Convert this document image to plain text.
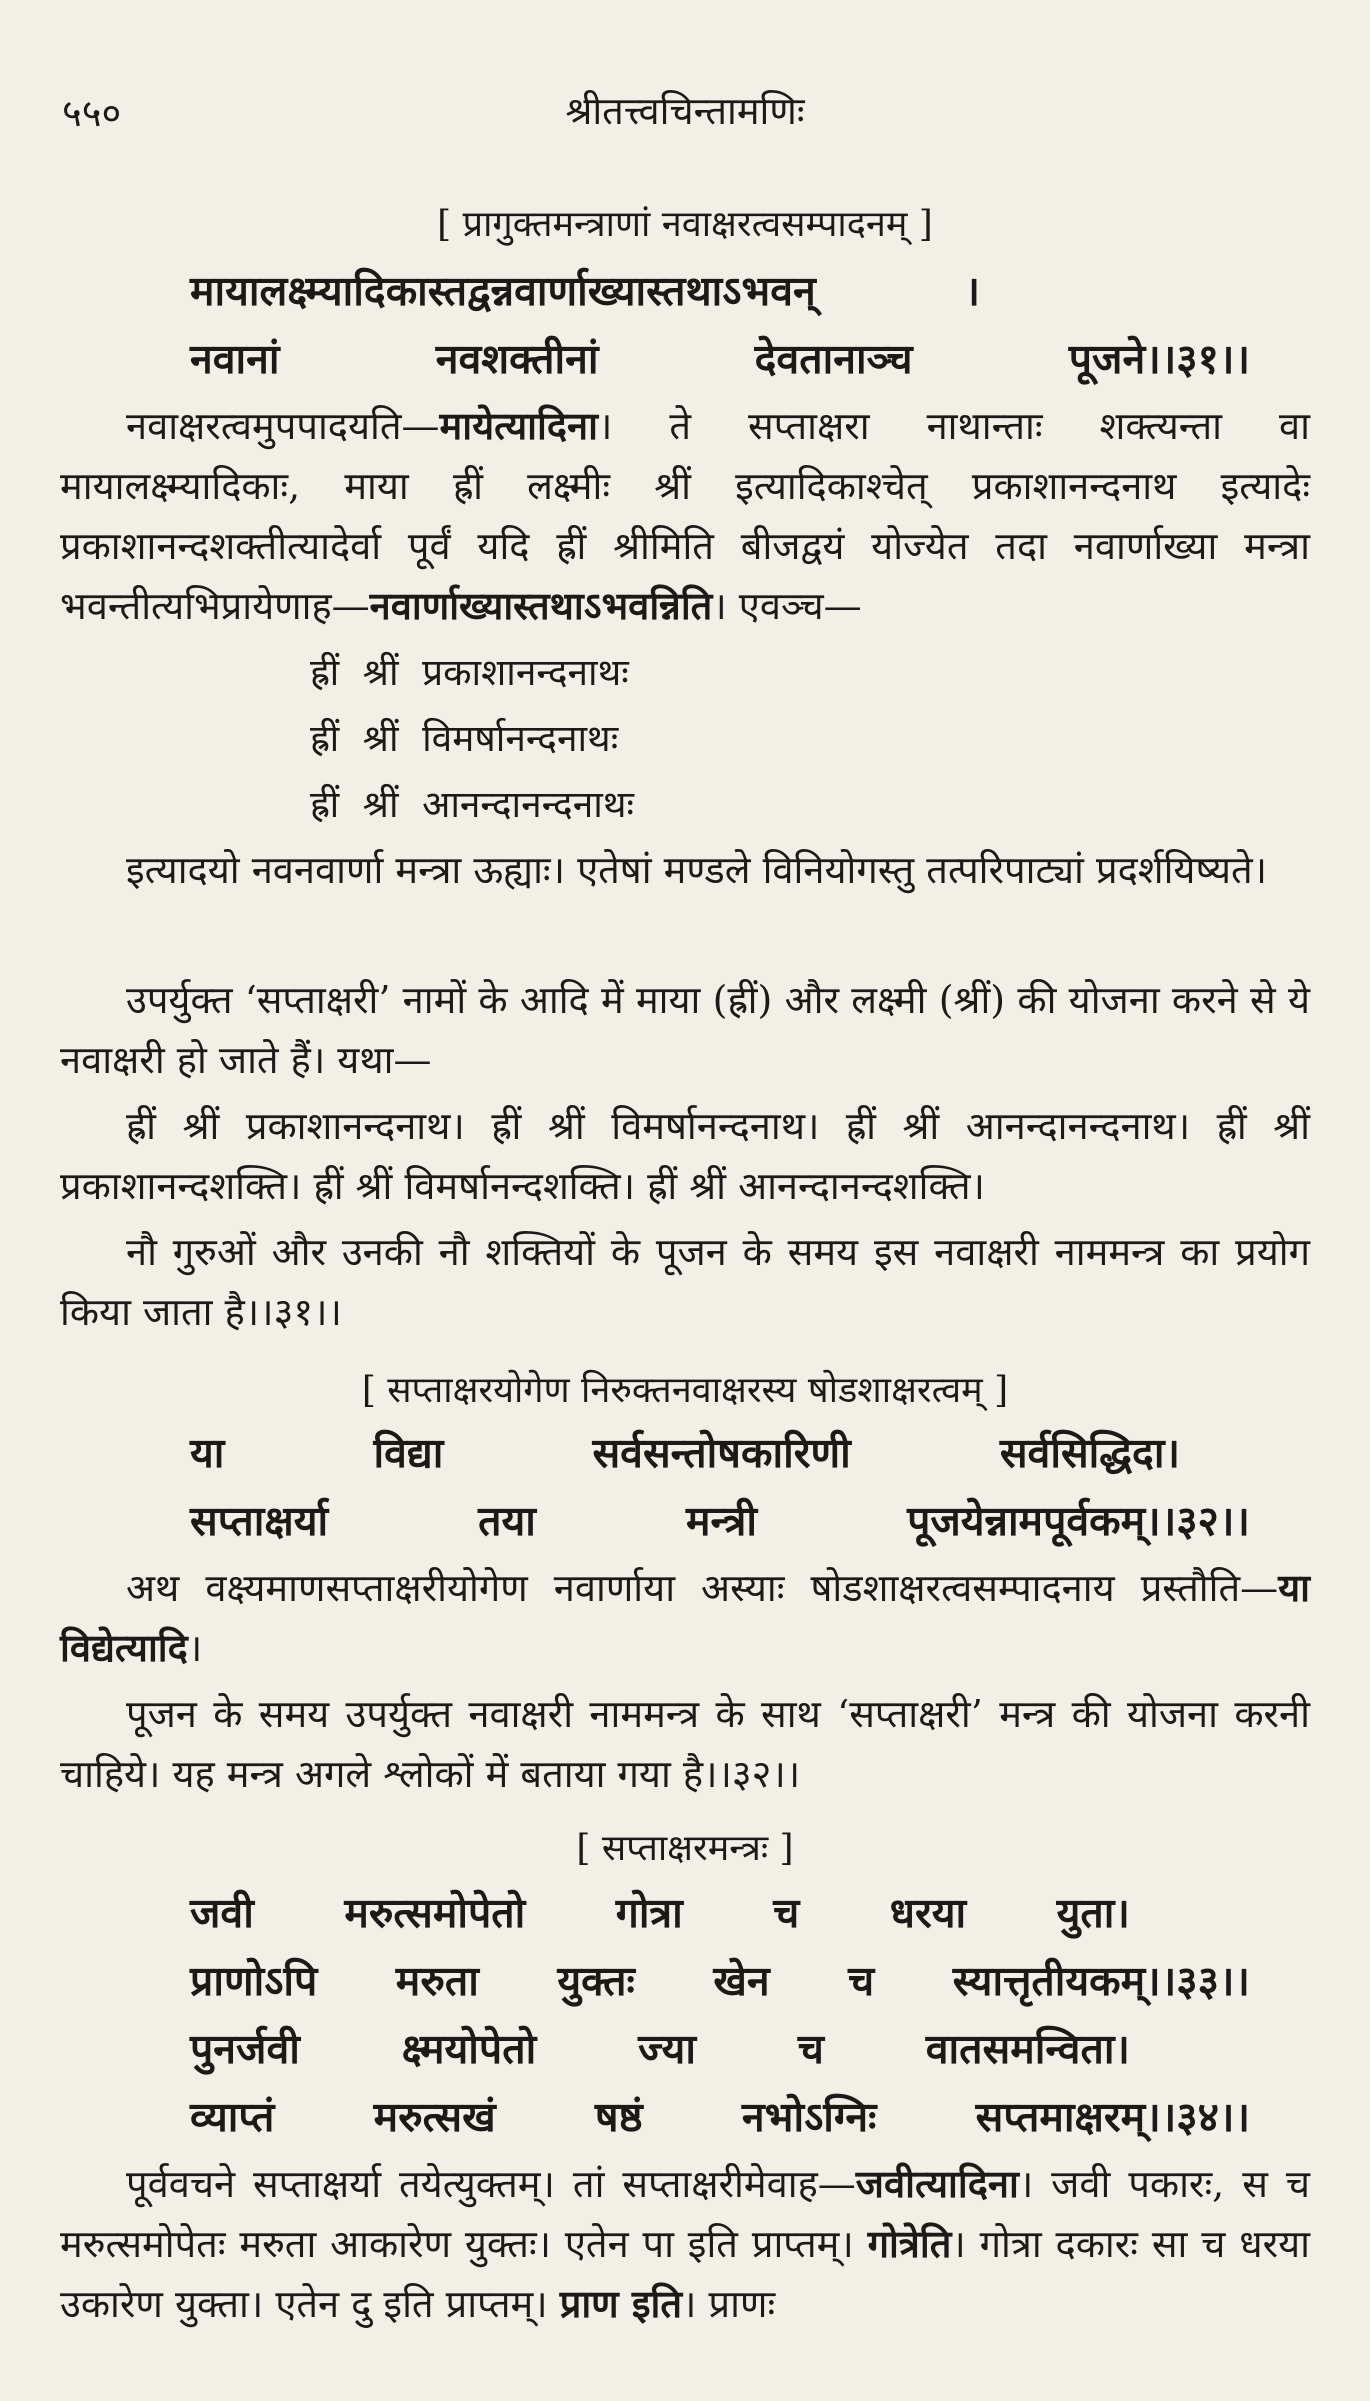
५५०	श्रीतत्त्वचिन्तामणिः
[ प्रागुक्तमन्त्राणां नवाक्षरत्वसम्पादनम् ]
मायालक्ष्म्यादिकास्तद्वन्नवार्णाख्यास्तथाऽभवन्	।
नवानां	नवशक्तीनां	देवतानाञ्च	पूजने।।३१।।

नवाक्षरत्वमुपपादयति—मायेत्यादिना। ते सप्ताक्षरा नाथान्ताः शक्त्यन्ता वा मायालक्ष्म्यादिकाः, माया ह्रीं लक्ष्मीः श्रीं इत्यादिकाश्चेत् प्रकाशानन्दनाथ इत्यादेः प्रकाशानन्दशक्तीत्यादेर्वा पूर्वं यदि ह्रीं श्रीमिति बीजद्वयं योज्येत तदा नवार्णाख्या मन्त्रा भवन्तीत्यभिप्रायेणाह—नवार्णाख्यास्तथाऽभवन्निति। एवञ्च—

ह्रीं श्रीं प्रकाशानन्दनाथः
ह्रीं श्रीं विमर्षानन्दनाथः
ह्रीं श्रीं आनन्दानन्दनाथः

इत्यादयो नवनवार्णा मन्त्रा ऊह्याः। एतेषां मण्डले विनियोगस्तु तत्परिपाट्यां प्रदर्शयिष्यते।

उपर्युक्त ‘सप्ताक्षरी’ नामों के आदि में माया (ह्रीं) और लक्ष्मी (श्रीं) की योजना करने से ये नवाक्षरी हो जाते हैं। यथा—

ह्रीं श्रीं प्रकाशानन्दनाथ। ह्रीं श्रीं विमर्षानन्दनाथ। ह्रीं श्रीं आनन्दानन्दनाथ। ह्रीं श्रीं प्रकाशानन्दशक्ति। ह्रीं श्रीं विमर्षानन्दशक्ति। ह्रीं श्रीं आनन्दानन्दशक्ति।

नौ गुरुओं और उनकी नौ शक्तियों के पूजन के समय इस नवाक्षरी नाममन्त्र का प्रयोग किया जाता है।।३१।।

[ सप्ताक्षरयोगेण निरुक्तनवाक्षरस्य षोडशाक्षरत्वम् ]
या	विद्या	सर्वसन्तोषकारिणी	सर्वसिद्धिदा।
सप्ताक्षर्या	तया	मन्त्री	पूजयेन्नामपूर्वकम्।।३२।।

अथ वक्ष्यमाणसप्ताक्षरीयोगेण नवार्णाया अस्याः षोडशाक्षरत्वसम्पादनाय प्रस्तौति—या विद्येत्यादि।

पूजन के समय उपर्युक्त नवाक्षरी नाममन्त्र के साथ ‘सप्ताक्षरी’ मन्त्र की योजना करनी चाहिये। यह मन्त्र अगले श्लोकों में बताया गया है।।३२।।

[ सप्ताक्षरमन्त्रः ]
जवी मरुत्समोपेतो गोत्रा च धरया युता।
प्राणोऽपि मरुता युक्तः खेन च स्यात्तृतीयकम्।।३३।।
पुनर्जवी क्ष्मयोपेतो ज्या च वातसमन्विता।
व्याप्तं मरुत्सखं षष्ठं नभोऽग्निः सप्तमाक्षरम्।।३४।।

पूर्ववचने सप्ताक्षर्या तयेत्युक्तम्। तां सप्ताक्षरीमेवाह—जवीत्यादिना। जवी पकारः, स च मरुत्समोपेतः मरुता आकारेण युक्तः। एतेन पा इति प्राप्तम्। गोत्रेति। गोत्रा दकारः सा च धरया उकारेण युक्ता। एतेन दु इति प्राप्तम्। प्राण इति। प्राणः
